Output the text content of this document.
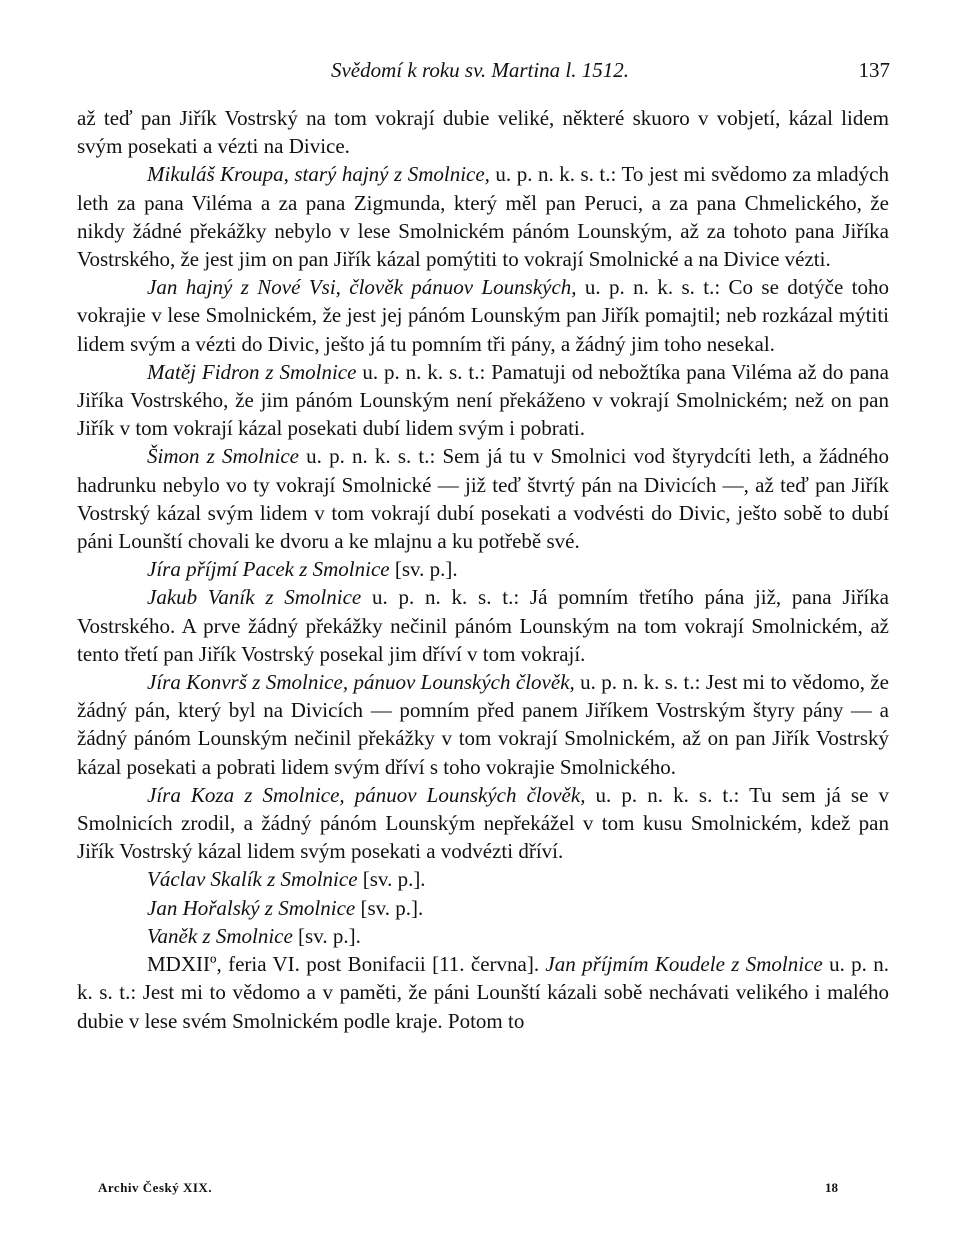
Svědomí k roku sv. Martina l. 1512.	137

až teď pan Jiřík Vostrský na tom vokrají dubie veliké, některé skuoro v vobjetí, kázal lidem svým posekati a vézti na Divice.

Mikuláš Kroupa, starý hajný z Smolnice, u. p. n. k. s. t.: To jest mi svědomo za mladých leth za pana Viléma a za pana Zigmunda, který měl pan Peruci, a za pana Chmelického, že nikdy žádné překážky nebylo v lese Smolnickém pánóm Lounským, až za tohoto pana Jiříka Vostrského, že jest jim on pan Jiřík kázal pomýtiti to vokrají Smolnické a na Divice vézti.

Jan hajný z Nové Vsi, člověk pánuov Lounských, u. p. n. k. s. t.: Co se dotýče toho vokrajie v lese Smolnickém, že jest jej pánóm Lounským pan Jiřík pomajtil; neb rozkázal mýtiti lidem svým a vézti do Divic, ješto já tu pomním tři pány, a žádný jim toho nesekal.

Matěj Fidron z Smolnice u. p. n. k. s. t.: Pamatuji od nebožtíka pana Viléma až do pana Jiříka Vostrského, že jim pánóm Lounským není překáženo v vokrají Smolnickém; než on pan Jiřík v tom vokrají kázal posekati dubí lidem svým i pobrati.

Šimon z Smolnice u. p. n. k. s. t.: Sem já tu v Smolnici vod štyrydcíti leth, a žádného hadrunku nebylo vo ty vokrají Smolnické — již teď štvrtý pán na Divicích —, až teď pan Jiřík Vostrský kázal svým lidem v tom vokrají dubí posekati a vodvésti do Divic, ješto sobě to dubí páni Lounští chovali ke dvoru a ke mlajnu a ku potřebě své.

Jíra příjmí Pacek z Smolnice [sv. p.].

Jakub Vaník z Smolnice u. p. n. k. s. t.: Já pomním třetího pána již, pana Jiříka Vostrského. A prve žádný překážky nečinil pánóm Lounským na tom vokrají Smolnickém, až tento třetí pan Jiřík Vostrský posekal jim dříví v tom vokrají.

Jíra Konvrš z Smolnice, pánuov Lounských člověk, u. p. n. k. s. t.: Jest mi to vědomo, že žádný pán, který byl na Divicích — pomním před panem Jiříkem Vostrským štyry pány — a žádný pánóm Lounským nečinil překážky v tom vokrají Smolnickém, až on pan Jiřík Vostrský kázal posekati a pobrati lidem svým dříví s toho vokrajie Smolnického.

Jíra Koza z Smolnice, pánuov Lounských člověk, u. p. n. k. s. t.: Tu sem já se v Smolnicích zrodil, a žádný pánóm Lounským nepřekážel v tom kusu Smolnickém, kdež pan Jiřík Vostrský kázal lidem svým posekati a vodvézti dříví.

Václav Skalík z Smolnice [sv. p.].

Jan Hořalský z Smolnice [sv. p.].

Vaněk z Smolnice [sv. p.].

MDXIIº, feria VI. post Bonifacii [11. června]. Jan příjmím Koudele z Smolnice u. p. n. k. s. t.: Jest mi to vědomo a v paměti, že páni Lounští kázali sobě nechávati velikého i malého dubie v lese svém Smolnickém podle kraje. Potom to

Archiv Český XIX.	18
